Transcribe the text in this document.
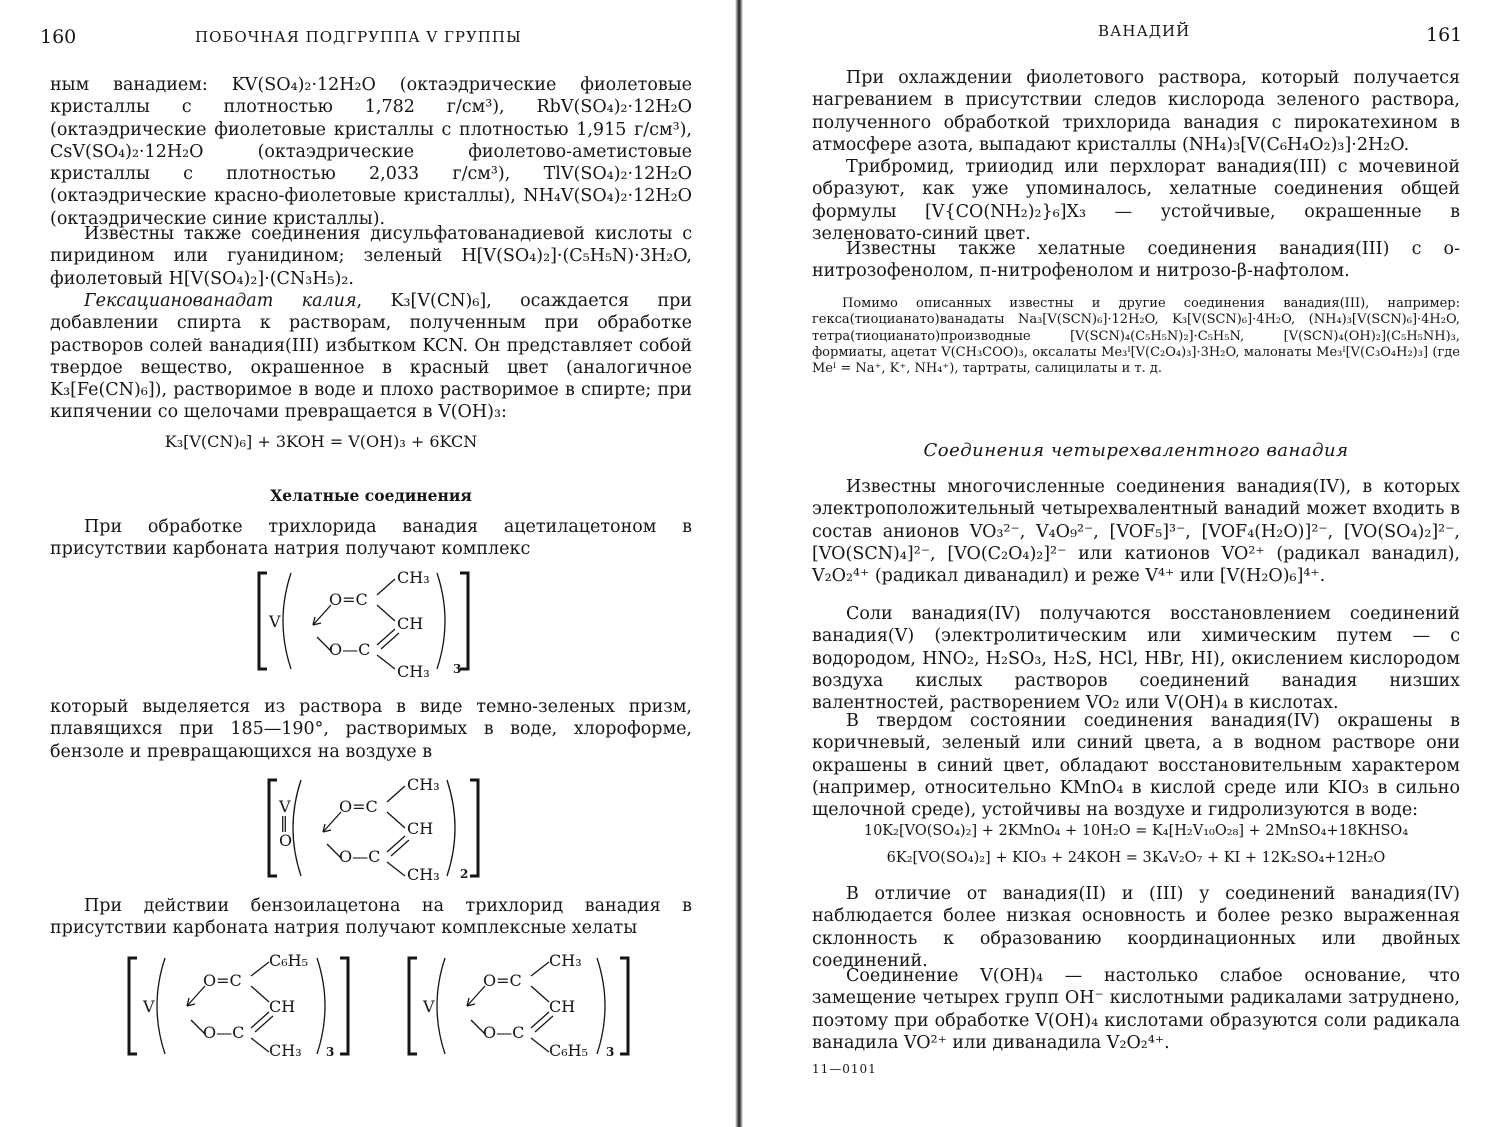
160	ПОБОЧНАЯ ПОДГРУППА V ГРУППЫ

ным ванадием: KV(SO₄)₂·12H₂O (октаэдрические фиолетовые кристаллы с плотностью 1,782 г/см³), RbV(SO₄)₂·12H₂O (октаэдрические фиолетовые кристаллы с плотностью 1,915 г/см³), CsV(SO₄)₂·12H₂O (октаэдрические фиолетово-аметистовые кристаллы с плотностью 2,033 г/см³), TlV(SO₄)₂·12H₂O (октаэдрические красно-фиолетовые кристаллы), NH₄V(SO₄)₂·12H₂O (октаэдрические синие кристаллы).

Известны также соединения дисульфатованадиевой кислоты с пиридином или гуанидином; зеленый H[V(SO₄)₂]·(C₅H₅N)·3H₂O, фиолетовый H[V(SO₄)₂]·(CN₃H₅)₂.

Гексацианованадат калия, K₃[V(CN)₆], осаждается при добавлении спирта к растворам, полученным при обработке растворов солей ванадия(III) избытком KCN. Он представляет собой твердое вещество, окрашенное в красный цвет (аналогичное K₃[Fe(CN)₆]), растворимое в воде и плохо растворимое в спирте; при кипячении со щелочами превращается в V(OH)₃:

K₃[V(CN)₆] + 3KOH = V(OH)₃ + 6KCN

Хелатные соединения

При обработке трихлорида ванадия ацетилацетоном в присутствии карбоната натрия получают комплекс

V
O=C
O—C
CH₃
CH
CH₃ 3

который выделяется из раствора в виде темно-зеленых призм, плавящихся при 185—190°, растворимых в воде, хлороформе, бензоле и превращающихся на воздухе в

V
‖
O
O=C
O—C
CH₃
CH
CH₃ 2

При действии бензоилацетона на трихлорид ванадия в присутствии карбоната натрия получают комплексные хелаты

V
O=C
O—C
C₆H₅
CH
CH₃ 3
V
O=C
O—C
CH₃
CH
C₆H₅ 3
ВАНАДИЙ	161

При охлаждении фиолетового раствора, который получается нагреванием в присутствии следов кислорода зеленого раствора, полученного обработкой трихлорида ванадия с пирокатехином в атмосфере азота, выпадают кристаллы (NH₄)₃[V(C₆H₄O₂)₃]·2H₂O.

Трибромид, трииодид или перхлорат ванадия(III) с мочевиной образуют, как уже упоминалось, хелатные соединения общей формулы [V{CO(NH₂)₂}₆]X₃ — устойчивые, окрашенные в зеленовато-синий цвет.

Известны также хелатные соединения ванадия(III) с о-нитрозофенолом, п-нитрофенолом и нитрозо-β-нафтолом.

Помимо описанных известны и другие соединения ванадия(III), например: гекса(тиоцианато)ванадаты Na₃[V(SCN)₆]·12H₂O, K₃[V(SCN)₆]·4H₂O, (NH₄)₃[V(SCN)₆]·4H₂O, тетра(тиоцианато)производные [V(SCN)₄(C₅H₅N)₂]·C₅H₅N, [V(SCN)₄(OH)₂](C₅H₅NH)₃, формиаты, ацетат V(CH₃COO)₃, оксалаты Me₃ᴵ[V(C₂O₄)₃]·3H₂O, малонаты Me₃ᴵ[V(C₃O₄H₂)₃] (где Meᴵ = Na⁺, K⁺, NH₄⁺), тартраты, салицилаты и т. д.

Соединения четырехвалентного ванадия

Известны многочисленные соединения ванадия(IV), в которых электроположительный четырехвалентный ванадий может входить в состав анионов VO₃²⁻, V₄O₉²⁻, [VOF₅]³⁻, [VOF₄(H₂O)]²⁻, [VO(SO₄)₂]²⁻, [VO(SCN)₄]²⁻, [VO(C₂O₄)₂]²⁻ или катионов VO²⁺ (радикал ванадил), V₂O₂⁴⁺ (радикал диванадил) и реже V⁴⁺ или [V(H₂O)₆]⁴⁺.

Соли ванадия(IV) получаются восстановлением соединений ванадия(V) (электролитическим или химическим путем — с водородом, HNO₂, H₂SO₃, H₂S, HCl, HBr, HI), окислением кислородом воздуха кислых растворов соединений ванадия низших валентностей, растворением VO₂ или V(OH)₄ в кислотах.

В твердом состоянии соединения ванадия(IV) окрашены в коричневый, зеленый или синий цвета, а в водном растворе они окрашены в синий цвет, обладают восстановительным характером (например, относительно KMnO₄ в кислой среде или KIO₃ в сильно щелочной среде), устойчивы на воздухе и гидролизуются в воде:

10K₂[VO(SO₄)₂] + 2KMnO₄ + 10H₂O = K₄[H₂V₁₀O₂₈] + 2MnSO₄+18KHSO₄

6K₂[VO(SO₄)₂] + KIO₃ + 24KOH = 3K₄V₂O₇ + KI + 12K₂SO₄+12H₂O

В отличие от ванадия(II) и (III) у соединений ванадия(IV) наблюдается более низкая основность и более резко выраженная склонность к образованию координационных или двойных соединений.

Соединение V(OH)₄ — настолько слабое основание, что замещение четырех групп OH⁻ кислотными радикалами затруднено, поэтому при обработке V(OH)₄ кислотами образуются соли радикала ванадила VO²⁺ или диванадила V₂O₂⁴⁺.

11—0101
